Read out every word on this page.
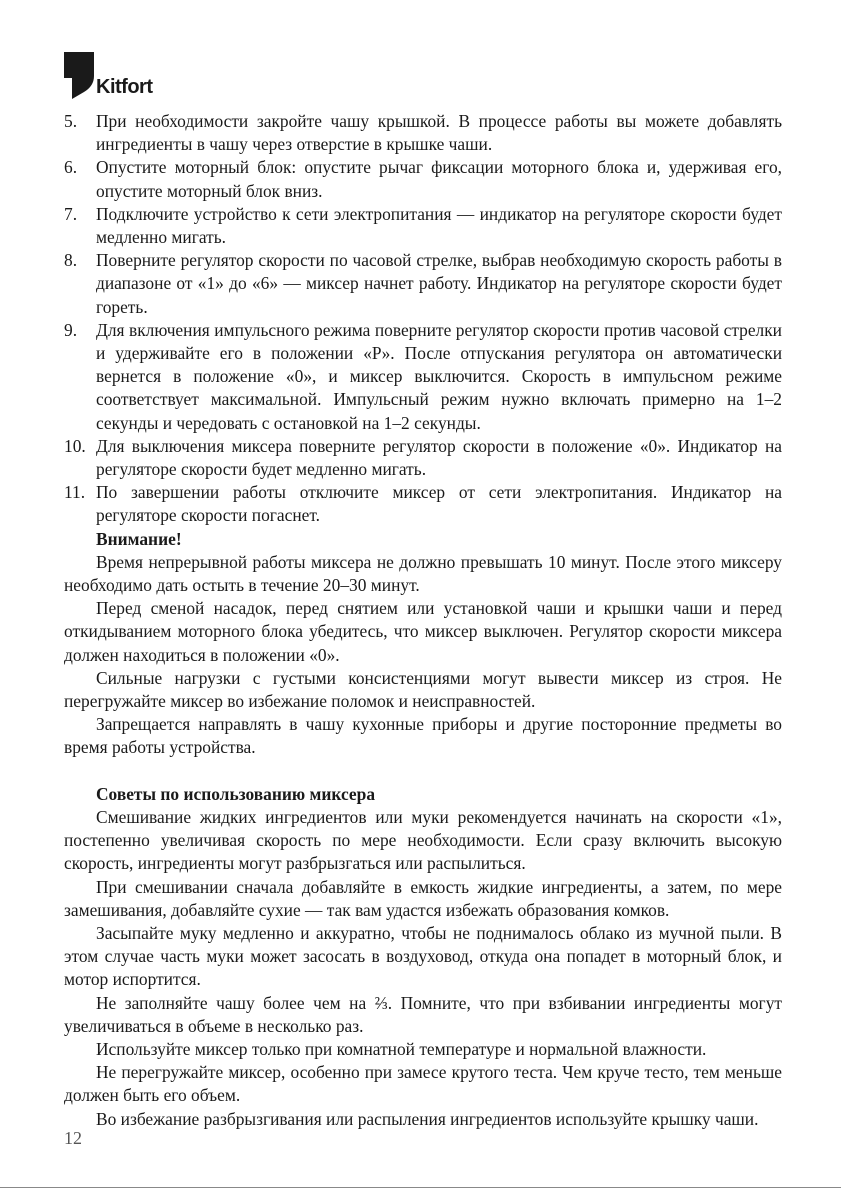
Kitfort

5. При необходимости закройте чашу крышкой. В процессе работы вы можете добавлять ингредиенты в чашу через отверстие в крышке чаши.

6. Опустите моторный блок: опустите рычаг фиксации моторного блока и, удерживая его, опустите моторный блок вниз.

7. Подключите устройство к сети электропитания — индикатор на регуляторе скорости будет медленно мигать.

8. Поверните регулятор скорости по часовой стрелке, выбрав необходимую скорость работы в диапазоне от «1» до «6» — миксер начнет работу. Индикатор на регуляторе скорости будет гореть.

9. Для включения импульсного режима поверните регулятор скорости против часовой стрелки и удерживайте его в положении «P». После отпускания регулятора он автоматически вернется в положение «0», и миксер выключится. Скорость в импульсном режиме соответствует максимальной. Импульсный режим нужно включать примерно на 1–2 секунды и чередовать с остановкой на 1–2 секунды.

10. Для выключения миксера поверните регулятор скорости в положение «0». Индикатор на регуляторе скорости будет медленно мигать.

11. По завершении работы отключите миксер от сети электропитания. Индикатор на регуляторе скорости погаснет.

Внимание!

Время непрерывной работы миксера не должно превышать 10 минут. После этого миксеру необходимо дать остыть в течение 20–30 минут.

Перед сменой насадок, перед снятием или установкой чаши и крышки чаши и перед откидыванием моторного блока убедитесь, что миксер выключен. Регулятор скорости миксера должен находиться в положении «0».

Сильные нагрузки с густыми консистенциями могут вывести миксер из строя. Не перегружайте миксер во избежание поломок и неисправностей.

Запрещается направлять в чашу кухонные приборы и другие посторонние предметы во время работы устройства.

Советы по использованию миксера

Смешивание жидких ингредиентов или муки рекомендуется начинать на скорости «1», постепенно увеличивая скорость по мере необходимости. Если сразу включить высокую скорость, ингредиенты могут разбрызгаться или распылиться.

При смешивании сначала добавляйте в емкость жидкие ингредиенты, а затем, по мере замешивания, добавляйте сухие — так вам удастся избежать образования комков.

Засыпайте муку медленно и аккуратно, чтобы не поднималось облако из мучной пыли. В этом случае часть муки может засосать в воздуховод, откуда она попадет в моторный блок, и мотор испортится.

Не заполняйте чашу более чем на ⅔. Помните, что при взбивании ингредиенты могут увеличиваться в объеме в несколько раз.

Используйте миксер только при комнатной температуре и нормальной влажности.

Не перегружайте миксер, особенно при замесе крутого теста. Чем круче тесто, тем меньше должен быть его объем.

Во избежание разбрызгивания или распыления ингредиентов используйте крышку чаши.

12
